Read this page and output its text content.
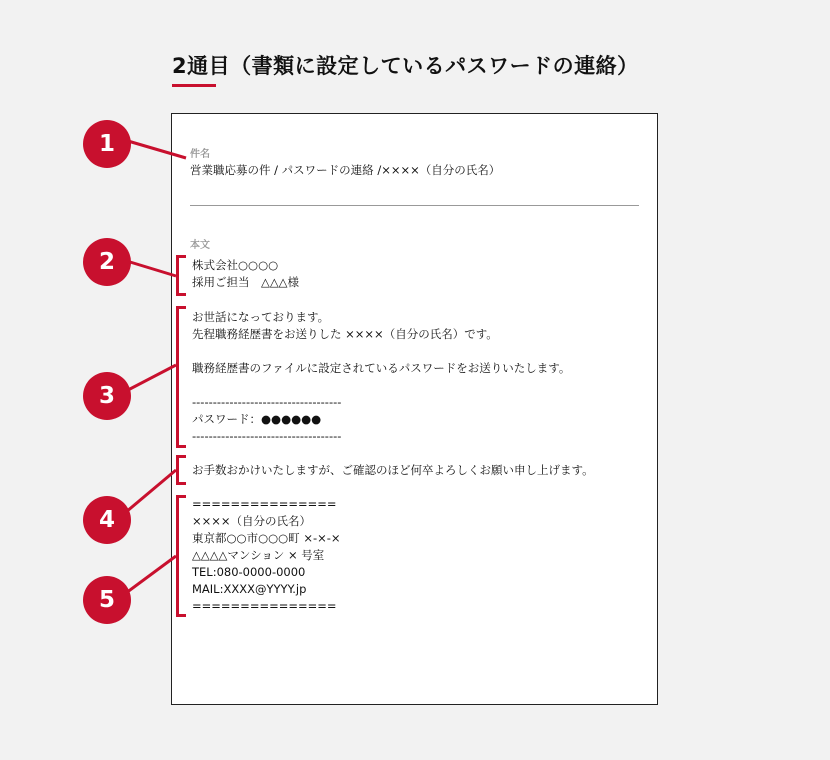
2通目（書類に設定しているパスワードの連絡）
件名
営業職応募の件 / パスワードの連絡 /××××（自分の氏名）
本文
株式会社○○○○
採用ご担当　△△△様
お世話になっております。
先程職務経歴書をお送りした ××××（自分の氏名）です。
職務経歴書のファイルに設定されているパスワードをお送りいたします。
------------------------------------
パスワード：●●●●●●
------------------------------------
お手数おかけいたしますが、ご確認のほど何卒よろしくお願い申し上げます。
===============
××××（自分の氏名）
東京都○○市○○○町 ×-×-×
△△△△マンション × 号室
TEL:080-0000-0000
MAIL:XXXX@YYYY.jp
===============
1
2
3
4
5
